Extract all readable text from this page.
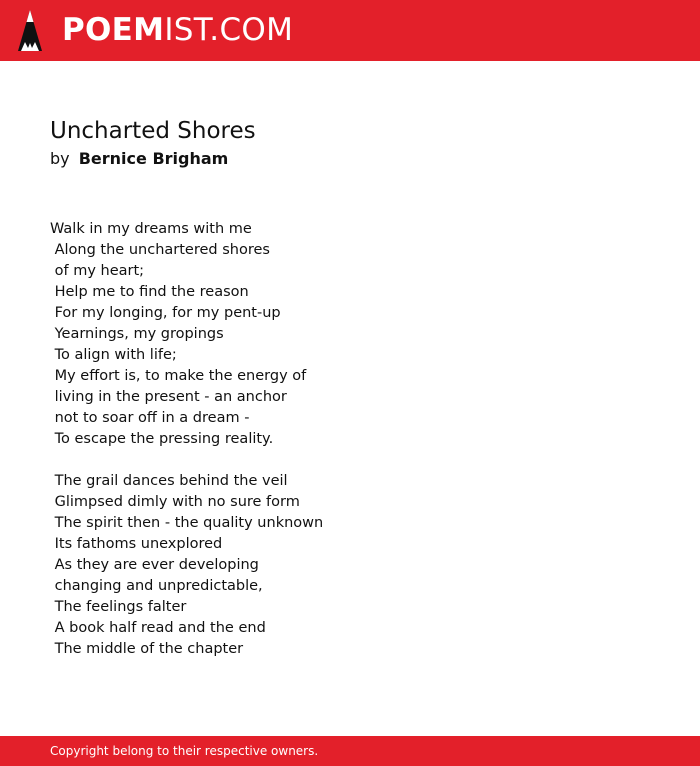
POEMIST.COM
Uncharted Shores
by Bernice Brigham
Walk in my dreams with me
Along the unchartered shores
of my heart;
Help me to find the reason
For my longing, for my pent-up
Yearnings, my gropings
To align with life;
My effort is, to make the energy of
living in the present - an anchor
not to soar off in a dream -
To escape the pressing reality.
The grail dances behind the veil
Glimpsed dimly with no sure form
The spirit then - the quality unknown
Its fathoms unexplored
As they are ever developing
changing and unpredictable,
The feelings falter
A book half read and the end
The middle of the chapter
Copyright belong to their respective owners.
